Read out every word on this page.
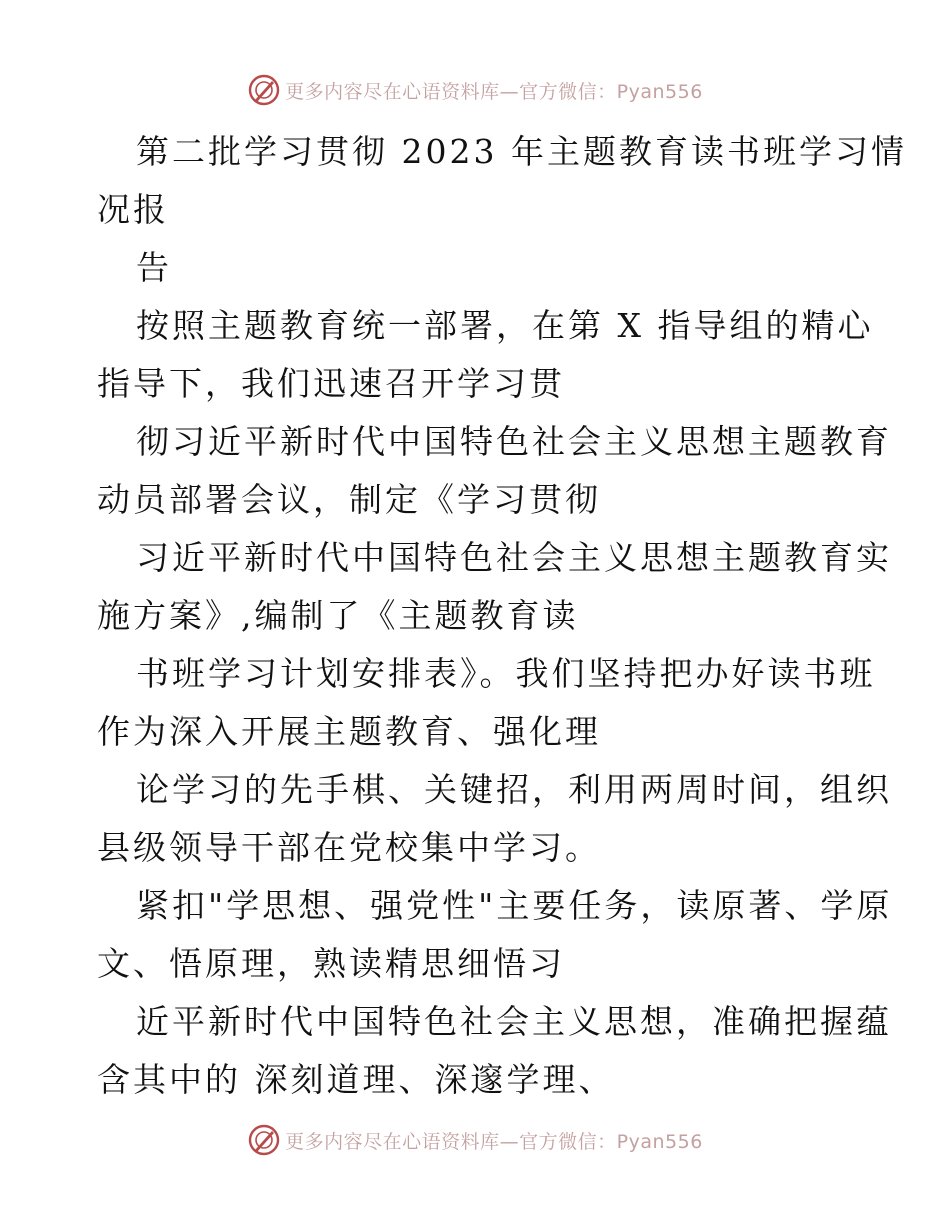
更多内容尽在心语资料库—官方微信：Pyan556
第二批学习贯彻 2023 年主题教育读书班学习情
况报
告
按照主题教育统一部署，在第 X 指导组的精心
指导下，我们迅速召开学习贯
彻习近平新时代中国特色社会主义思想主题教育
动员部署会议，制定《学习贯彻
习近平新时代中国特色社会主义思想主题教育实
施方案》,编制了《主题教育读
书班学习计划安排表》。我们坚持把办好读书班
作为深入开展主题教育、强化理
论学习的先手棋、关键招，利用两周时间，组织
县级领导干部在党校集中学习。
紧扣"学思想、强党性"主要任务，读原著、学原
文、悟原理，熟读精思细悟习
近平新时代中国特色社会主义思想，准确把握蕴
含其中的 深刻道理、深邃学理、
更多内容尽在心语资料库—官方微信：Pyan556
